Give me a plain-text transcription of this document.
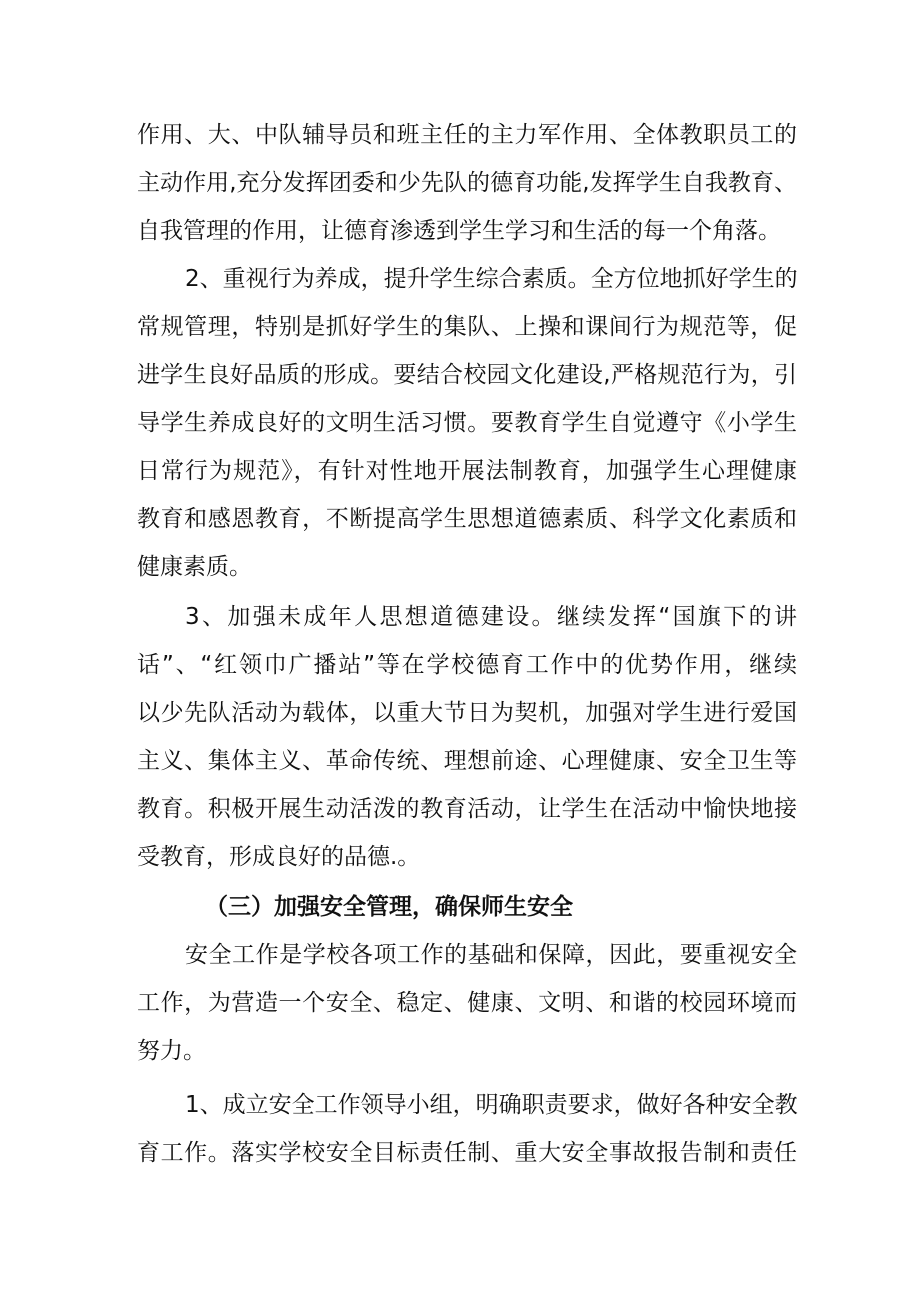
作用、大、中队辅导员和班主任的主力军作用、全体教职员工的
主动作用,充分发挥团委和少先队的德育功能,发挥学生自我教育、
自我管理的作用，让德育渗透到学生学习和生活的每一个角落。
2、重视行为养成，提升学生综合素质。全方位地抓好学生的
常规管理，特别是抓好学生的集队、上操和课间行为规范等，促
进学生良好品质的形成。要结合校园文化建设,严格规范行为，引
导学生养成良好的文明生活习惯。要教育学生自觉遵守《小学生
日常行为规范》，有针对性地开展法制教育，加强学生心理健康
教育和感恩教育，不断提高学生思想道德素质、科学文化素质和
健康素质。
3、加强未成年人思想道德建设。继续发挥“国旗下的讲
话”、“红领巾广播站”等在学校德育工作中的优势作用，继续
以少先队活动为载体，以重大节日为契机，加强对学生进行爱国
主义、集体主义、革命传统、理想前途、心理健康、安全卫生等
教育。积极开展生动活泼的教育活动，让学生在活动中愉快地接
受教育，形成良好的品德.。
（三）加强安全管理，确保师生安全
安全工作是学校各项工作的基础和保障，因此，要重视安全
工作，为营造一个安全、稳定、健康、文明、和谐的校园环境而
努力。
1、成立安全工作领导小组，明确职责要求，做好各种安全教
育工作。落实学校安全目标责任制、重大安全事故报告制和责任
